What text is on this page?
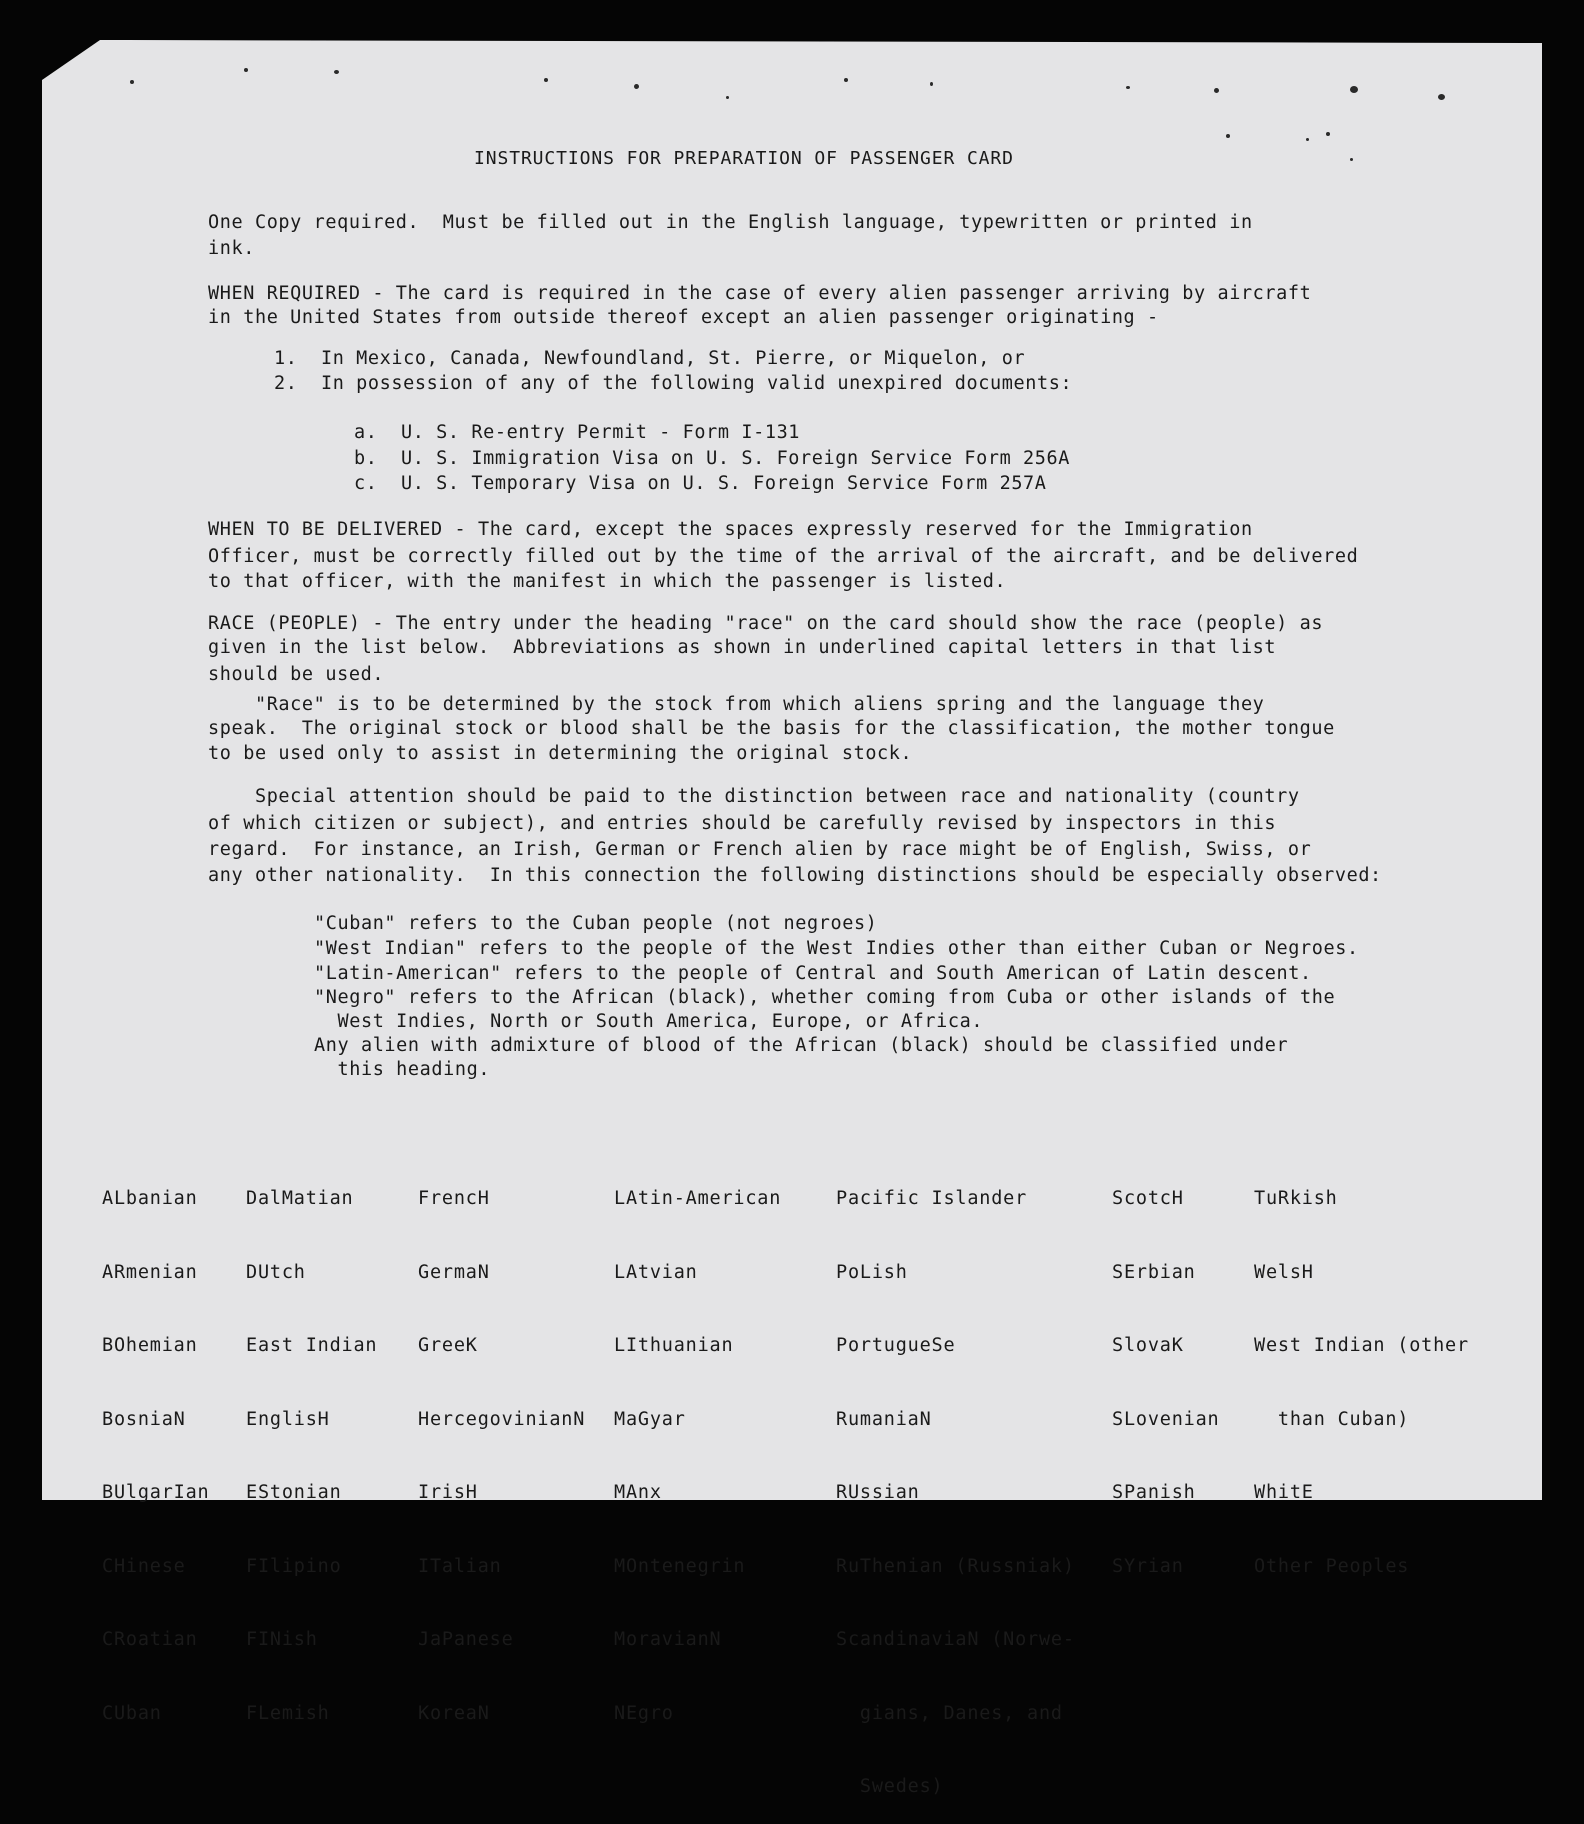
INSTRUCTIONS FOR PREPARATION OF PASSENGER CARD
One Copy required.  Must be filled out in the English language, typewritten or printed in
ink.
WHEN REQUIRED - The card is required in the case of every alien passenger arriving by aircraft
in the United States from outside thereof except an alien passenger originating -
1.  In Mexico, Canada, Newfoundland, St. Pierre, or Miquelon, or
2.  In possession of any of the following valid unexpired documents:
a.  U. S. Re-entry Permit - Form I-131
b.  U. S. Immigration Visa on U. S. Foreign Service Form 256A
c.  U. S. Temporary Visa on U. S. Foreign Service Form 257A
WHEN TO BE DELIVERED - The card, except the spaces expressly reserved for the Immigration
Officer, must be correctly filled out by the time of the arrival of the aircraft, and be delivered
to that officer, with the manifest in which the passenger is listed.
RACE (PEOPLE) - The entry under the heading "race" on the card should show the race (people) as
given in the list below.  Abbreviations as shown in underlined capital letters in that list
should be used.
"Race" is to be determined by the stock from which aliens spring and the language they
speak.  The original stock or blood shall be the basis for the classification, the mother tongue
to be used only to assist in determining the original stock.
Special attention should be paid to the distinction between race and nationality (country
of which citizen or subject), and entries should be carefully revised by inspectors in this
regard.  For instance, an Irish, German or French alien by race might be of English, Swiss, or
any other nationality.  In this connection the following distinctions should be especially observed:
"Cuban" refers to the Cuban people (not negroes)
"West Indian" refers to the people of the West Indies other than either Cuban or Negroes.
"Latin-American" refers to the people of Central and South American of Latin descent.
"Negro" refers to the African (black), whether coming from Cuba or other islands of the
West Indies, North or South America, Europe, or Africa.
Any alien with admixture of blood of the African (black) should be classified under
this heading.

ALbanian

ARmenian

BOhemian

BosniaN

BUlgarIan

CHinese

CRoatian

CUban

DalMatian

DUtch

East Indian

EnglisH

EStonian

FIlipino

FINish

FLemish

FrencH

GermaN

GreeK

HercegovinianN

IrisH

ITalian

JaPanese

KoreaN

LAtin-American

LAtvian

LIthuanian

MaGyar

MAnx

MOntenegrin

MoravianN

NEgro

Pacific Islander

PoLish

PortugueSe

RumaniaN

RUssian

RuThenian (Russniak)

ScandinaviaN (Norwe-

gians, Danes, and

Swedes)

ScotcH

SErbian

SlovaK

SLovenian

SPanish

SYrian

TuRkish

WelsH

West Indian (other

than Cuban)

WhitE

Other Peoples
